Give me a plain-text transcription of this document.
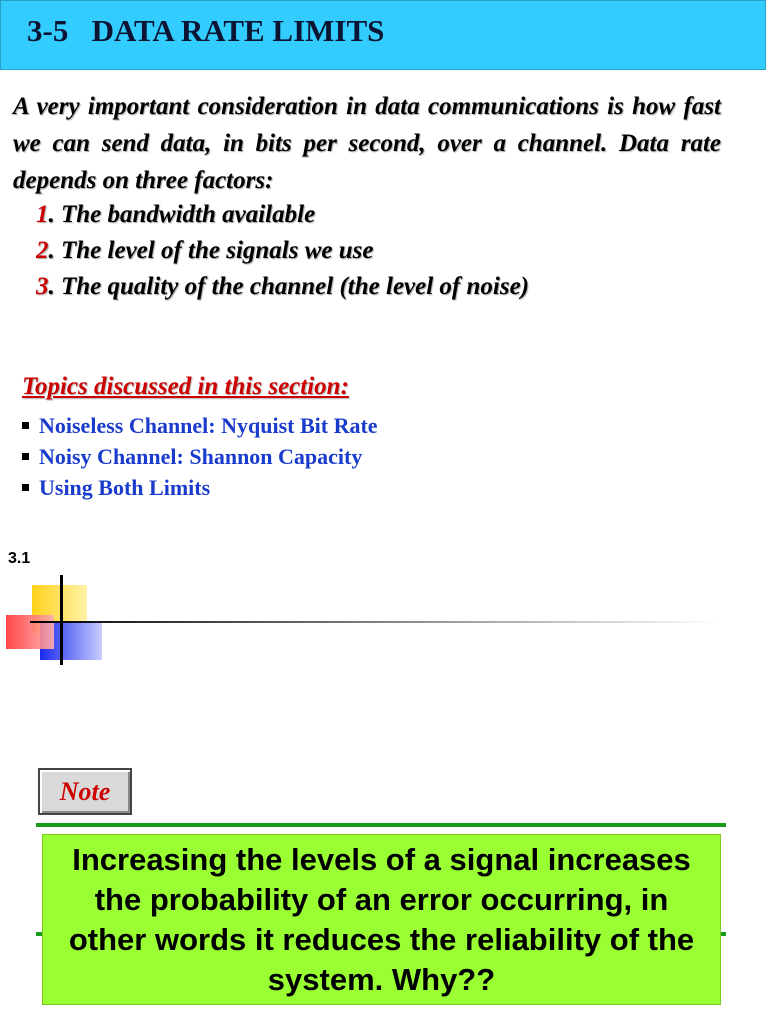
3-5   DATA RATE LIMITS
A very important consideration in data communications is how fast we can send data, in bits per second, over a channel. Data rate depends on three factors:
1. The bandwidth available
2. The level of the signals we use
3. The quality of the channel (the level of noise)
Topics discussed in this section:
Noiseless Channel: Nyquist Bit Rate
Noisy Channel: Shannon Capacity
Using Both Limits
3.1
Note
Increasing the levels of a signal increases the probability of an error occurring, in other words it reduces the reliability of the system. Why??
